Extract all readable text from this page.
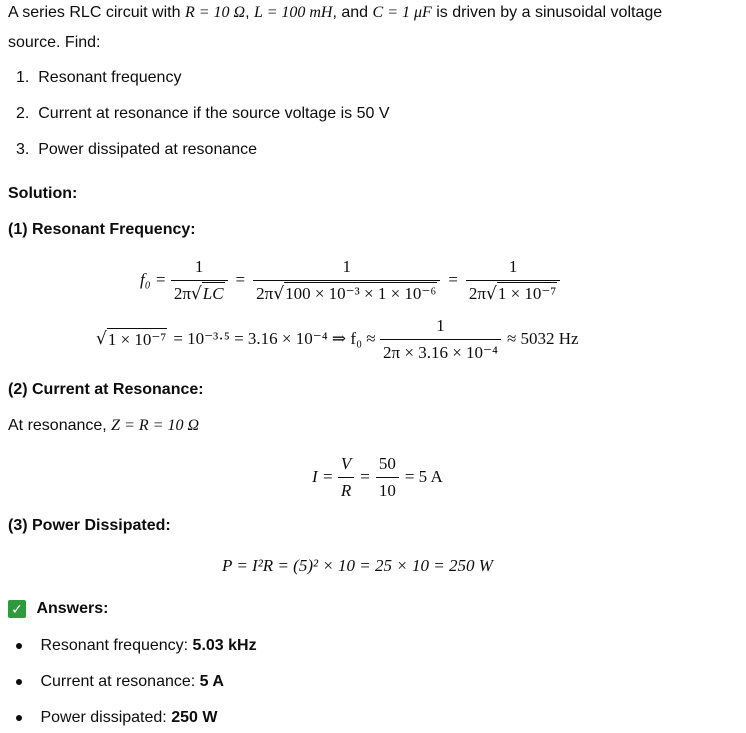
A series RLC circuit with R = 10 Ω, L = 100 mH, and C = 1 μF is driven by a sinusoidal voltage
source. Find:
1. Resonant frequency
2. Current at resonance if the source voltage is 50 V
3. Power dissipated at resonance
Solution:
(1) Resonant Frequency:
f₀ =
$\frac{1}{2\pi√LC} = \frac{1}{\text{2π√100 × 10⁻³ × 1 × 10⁻⁶}} = \frac{1}{\text{2π√1 × 10⁻⁷}}$
√ 1 × 10⁻⁷ = 10⁻³·⁵ = 3.16 × 10⁻⁴ ⇒ f₀ ≈
$\frac{1}{\text{2π × 3.16 × 10⁻⁴}} \approx 5032$ Hz
(2) Current at Resonance:
At resonance, Z = R = 10 Ω
I =
$\frac{V}{R} = \frac{50}{10} = 5$ A
(3) Power Dissipated:
P = I²R = (5)² × 10 = 25 × 10 = 250 W
✓ Answers:
Resonant frequency: 5.03 kHz
Current at resonance: 5 A
Power dissipated: 250 W
